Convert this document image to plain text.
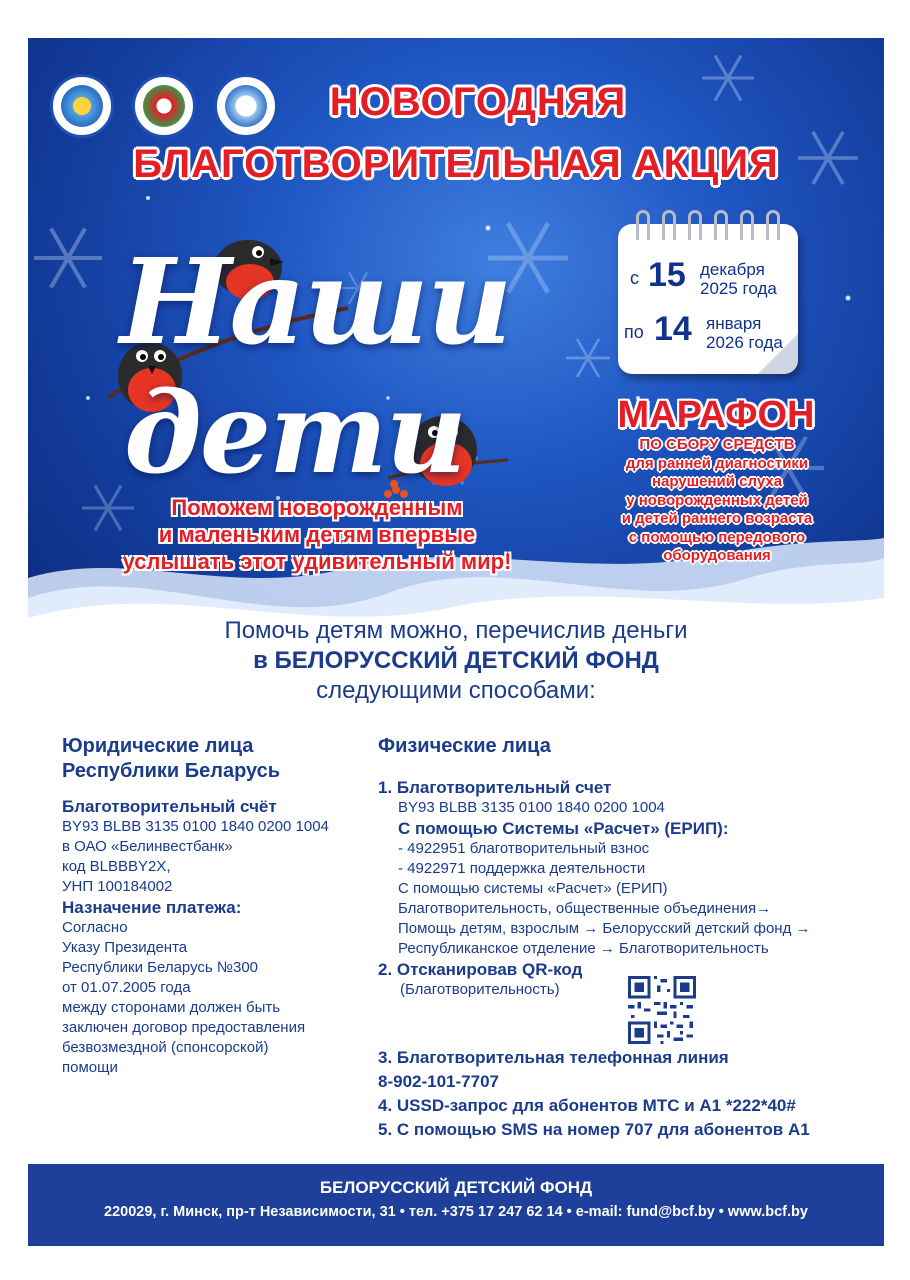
НОВОГОДНЯЯ
БЛАГОТВОРИТЕЛЬНАЯ АКЦИЯ
Наши
дети
Поможем новорожденным
и маленьким детям впервые
услышать этот удивительный мир!
с 15 декабря
2025 года
по 14 января
2026 года
МАРАФОН
ПО СБОРУ СРЕДСТВ
для ранней диагностики
нарушений слуха
у новорожденных детей
и детей раннего возраста
с помощью передового
оборудования
Помочь детям можно, перечислив деньги
в БЕЛОРУССКИЙ ДЕТСКИЙ ФОНД
следующими способами:
Юридические лица
Республики Беларусь
Благотворительный счёт
BY93 BLBB 3135 0100 1840 0200 1004
в ОАО «Белинвестбанк»
код BLBBBY2X,
УНП 100184002
Назначение платежа:
Согласно
Указу Президента
Республики Беларусь №300
от 01.07.2005 года
между сторонами должен быть
заключен договор предоставления
безвозмездной (спонсорской)
помощи
Физические лица
1. Благотворительный счет
BY93 BLBB 3135 0100 1840 0200 1004
С помощью Системы «Расчет» (ЕРИП):
- 4922951 благотворительный взнос
- 4922971 поддержка деятельности
С помощью системы «Расчет» (ЕРИП)
Благотворительность, общественные объединения→
Помощь детям, взрослым → Белорусский детский фонд →
Республиканское отделение → Благотворительность
2. Отсканировав QR-код
(Благотворительность)
3. Благотворительная телефонная линия
8-902-101-7707
4. USSD-запрос для абонентов МТС и А1 *222*40#
5. С помощью SMS на номер 707 для абонентов А1
БЕЛОРУССКИЙ ДЕТСКИЙ ФОНД
220029, г. Минск, пр-т Независимости, 31 • тел. +375 17 247 62 14 • e-mail: fund@bcf.by • www.bcf.by
